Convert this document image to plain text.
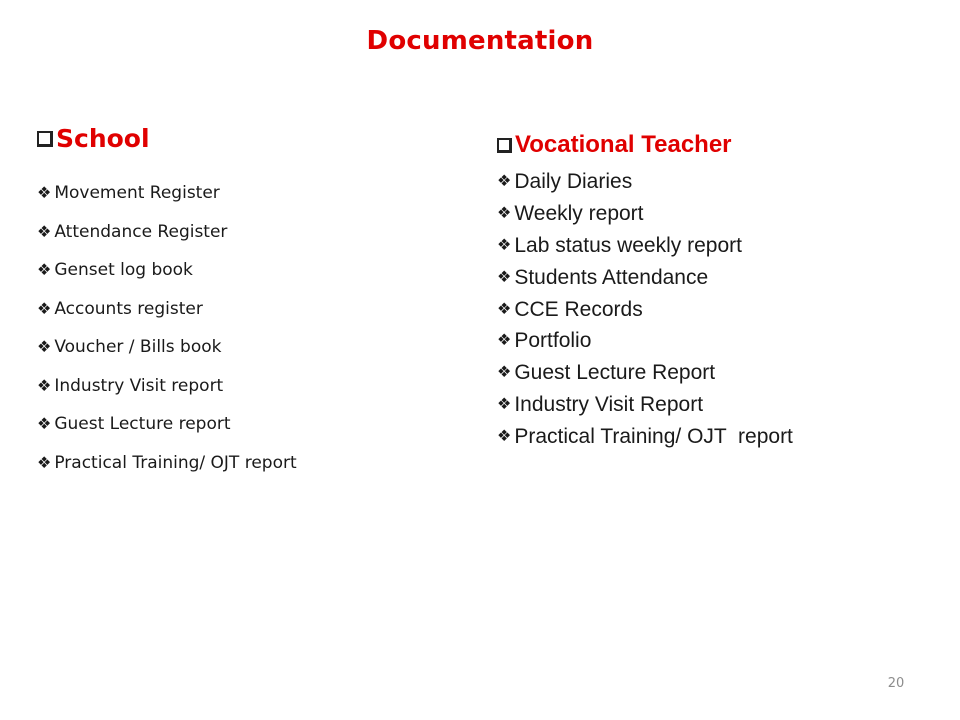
Documentation
School
❖ Movement Register
❖ Attendance Register
❖ Genset log book
❖ Accounts register
❖ Voucher / Bills book
❖ Industry Visit report
❖ Guest Lecture report
❖ Practical Training/ OJT report
Vocational Teacher
❖ Daily Diaries
❖ Weekly report
❖ Lab status weekly report
❖ Students Attendance
❖ CCE Records
❖ Portfolio
❖ Guest Lecture Report
❖ Industry Visit Report
❖ Practical Training/ OJT  report
20
